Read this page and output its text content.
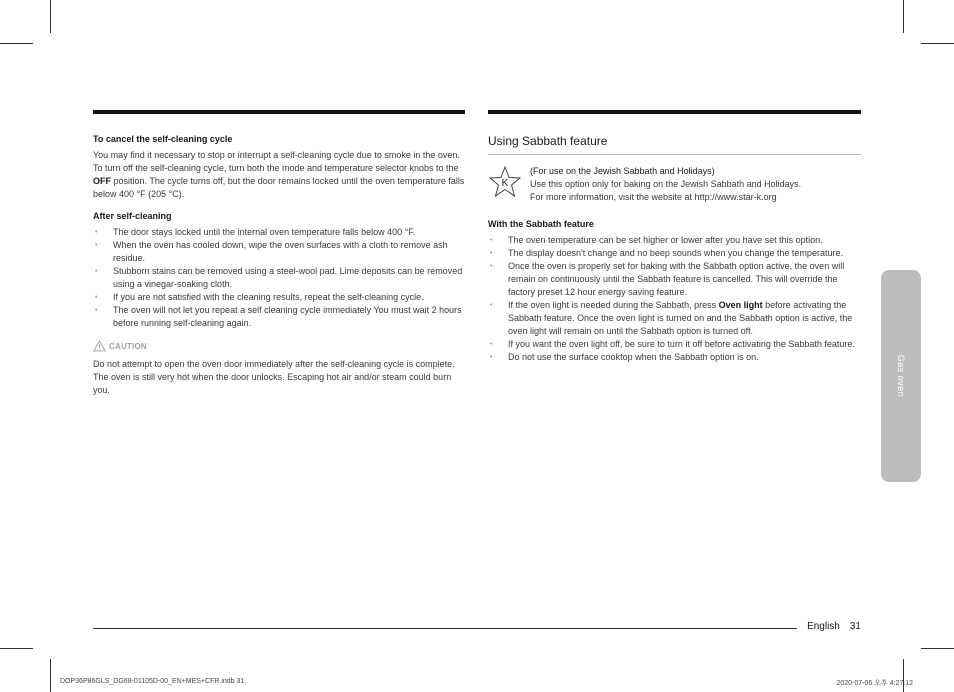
To cancel the self-cleaning cycle

You may find it necessary to stop or interrupt a self-cleaning cycle due to smoke in the oven. To turn off the self-cleaning cycle, turn both the mode and temperature selector knobs to the OFF position. The cycle turns off, but the door remains locked until the oven temperature falls below 400 °F (205 °C).

After self-cleaning
• The door stays locked until the internal oven temperature falls below 400 °F.
• When the oven has cooled down, wipe the oven surfaces with a cloth to remove ash residue.
• Stubborn stains can be removed using a steel-wool pad. Lime deposits can be removed using a vinegar-soaking cloth.
• If you are not satisfied with the cleaning results, repeat the self-cleaning cycle.
• The oven will not let you repeat a self cleaning cycle immediately You must wait 2 hours before running self-cleaning again.
CAUTION

Do not attempt to open the oven door immediately after the self-cleaning cycle is complete. The oven is still very hot when the door unlocks. Escaping hot air and/or steam could burn you.

Using Sabbath feature
K
(For use on the Jewish Sabbath and Holidays)
Use this option only for baking on the Jewish Sabbath and Holidays.
For more information, visit the website at http://www.star-k.org
With the Sabbath feature
• The oven temperature can be set higher or lower after you have set this option.
• The display doesn't change and no beep sounds when you change the temperature.
• Once the oven is properly set for baking with the Sabbath option active, the oven will remain on continuously until the Sabbath feature is cancelled. This will override the factory preset 12 hour energy saving feature.
• If the oven light is needed during the Sabbath, press Oven light before activating the Sabbath feature. Once the oven light is turned on and the Sabbath option is active, the oven light will remain on until the Sabbath option is turned off.
• If you want the oven light off, be sure to turn it off before activating the Sabbath feature.
• Do not use the surface cooktop when the Sabbath option is on.	Gas oven
English 31
DOP36P86GLS_DG68-01105D-00_EN+MES+CFR.indb 31	2020-07-06 오후 4:27:12
